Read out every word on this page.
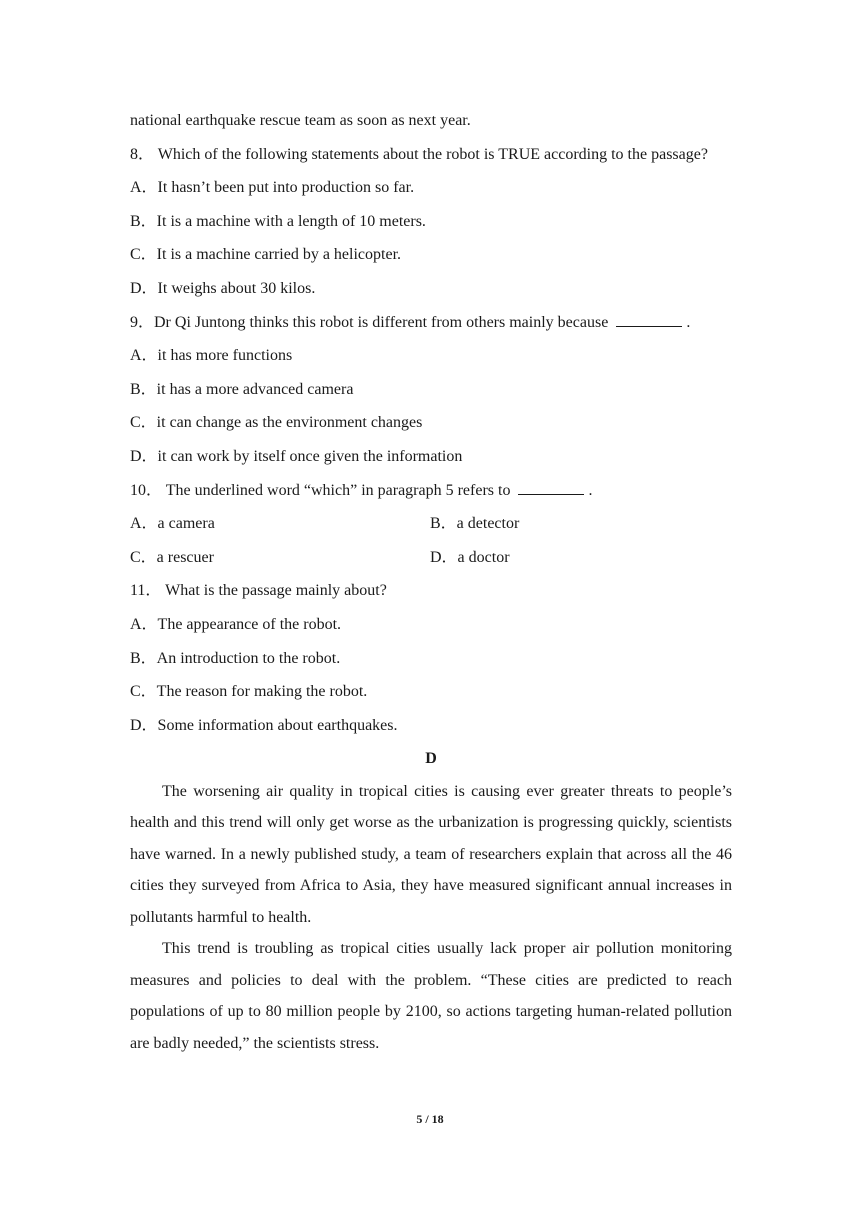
national earthquake rescue team as soon as next year.
8． Which of the following statements about the robot is TRUE according to the passage?
A．It hasn’t been put into production so far.
B．It is a machine with a length of 10 meters.
C．It is a machine carried by a helicopter.
D．It weighs about 30 kilos.
9．Dr Qi Juntong thinks this robot is different from others mainly because	.
A．it has more functions
B．it has a more advanced camera
C．it can change as the environment changes
D．it can work by itself once given the information
10． The underlined word “which” in paragraph 5 refers to	.
A．a camera	B．a detector
C．a rescuer	D．a doctor
11． What is the passage mainly about?
A．The appearance of the robot.
B．An introduction to the robot.
C．The reason for making the robot.
D．Some information about earthquakes.
D

The worsening air quality in tropical cities is causing ever greater threats to people’s health and this trend will only get worse as the urbanization is progressing quickly, scientists have warned. In a newly published study, a team of researchers explain that across all the 46 cities they surveyed from Africa to Asia, they have measured significant annual increases in pollutants harmful to health.

This trend is troubling as tropical cities usually lack proper air pollution monitoring measures and policies to deal with the problem. “These cities are predicted to reach populations of up to 80 million people by 2100, so actions targeting human-related pollution are badly needed,” the scientists stress.

5 / 18
